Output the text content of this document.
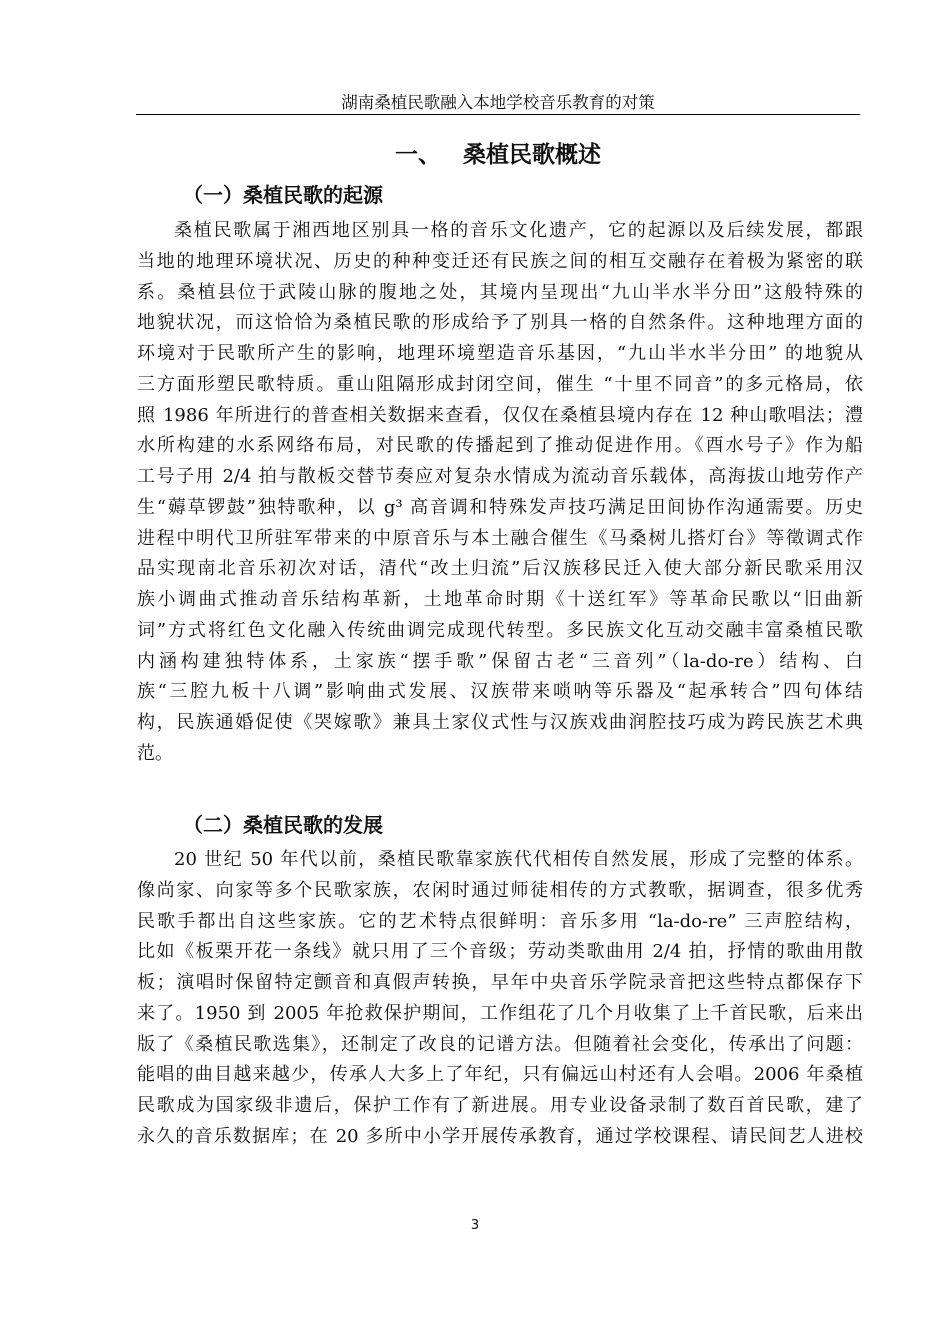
湖南桑植民歌融入本地学校音乐教育的对策
一、 桑植民歌概述
（一）桑植民歌的起源
桑植民歌属于湘西地区别具一格的音乐文化遗产，它的起源以及后续发展，都跟
当地的地理环境状况、历史的种种变迁还有民族之间的相互交融存在着极为紧密的联
系。桑植县位于武陵山脉的腹地之处，其境内呈现出“九山半水半分田”这般特殊的
地貌状况，而这恰恰为桑植民歌的形成给予了别具一格的自然条件。这种地理方面的
环境对于民歌所产生的影响，地理环境塑造音乐基因，“九山半水半分田” 的地貌从
三方面形塑民歌特质。重山阻隔形成封闭空间，催生 “十里不同音”的多元格局，依
照 1986 年所进行的普查相关数据来查看，仅仅在桑植县境内存在 12 种山歌唱法；澧
水所构建的水系网络布局，对民歌的传播起到了推动促进作用。《酉水号子》作为船
工号子用 2/4 拍与散板交替节奏应对复杂水情成为流动音乐载体，高海拔山地劳作产
生“薅草锣鼓”独特歌种，以 g³ 高音调和特殊发声技巧满足田间协作沟通需要。历史
进程中明代卫所驻军带来的中原音乐与本土融合催生《马桑树儿搭灯台》等徵调式作
品实现南北音乐初次对话，清代“改土归流”后汉族移民迁入使大部分新民歌采用汉
族小调曲式推动音乐结构革新，土地革命时期《十送红军》等革命民歌以“旧曲新
词”方式将红色文化融入传统曲调完成现代转型。多民族文化互动交融丰富桑植民歌
内涵构建独特体系，土家族“摆手歌”保留古老“三音列”（la-do-re）结构、白
族“三腔九板十八调”影响曲式发展、汉族带来唢呐等乐器及“起承转合”四句体结
构，民族通婚促使《哭嫁歌》兼具土家仪式性与汉族戏曲润腔技巧成为跨民族艺术典
范。
（二）桑植民歌的发展
20 世纪 50 年代以前，桑植民歌靠家族代代相传自然发展，形成了完整的体系。
像尚家、向家等多个民歌家族，农闲时通过师徒相传的方式教歌，据调查，很多优秀
民歌手都出自这些家族。它的艺术特点很鲜明：音乐多用 “la-do-re” 三声腔结构，
比如《板栗开花一条线》就只用了三个音级；劳动类歌曲用 2/4 拍，抒情的歌曲用散
板；演唱时保留特定颤音和真假声转换，早年中央音乐学院录音把这些特点都保存下
来了。1950 到 2005 年抢救保护期间，工作组花了几个月收集了上千首民歌，后来出
版了《桑植民歌选集》，还制定了改良的记谱方法。但随着社会变化，传承出了问题：
能唱的曲目越来越少，传承人大多上了年纪，只有偏远山村还有人会唱。2006 年桑植
民歌成为国家级非遗后，保护工作有了新进展。用专业设备录制了数百首民歌，建了
永久的音乐数据库；在 20 多所中小学开展传承教育，通过学校课程、请民间艺人进校
3
